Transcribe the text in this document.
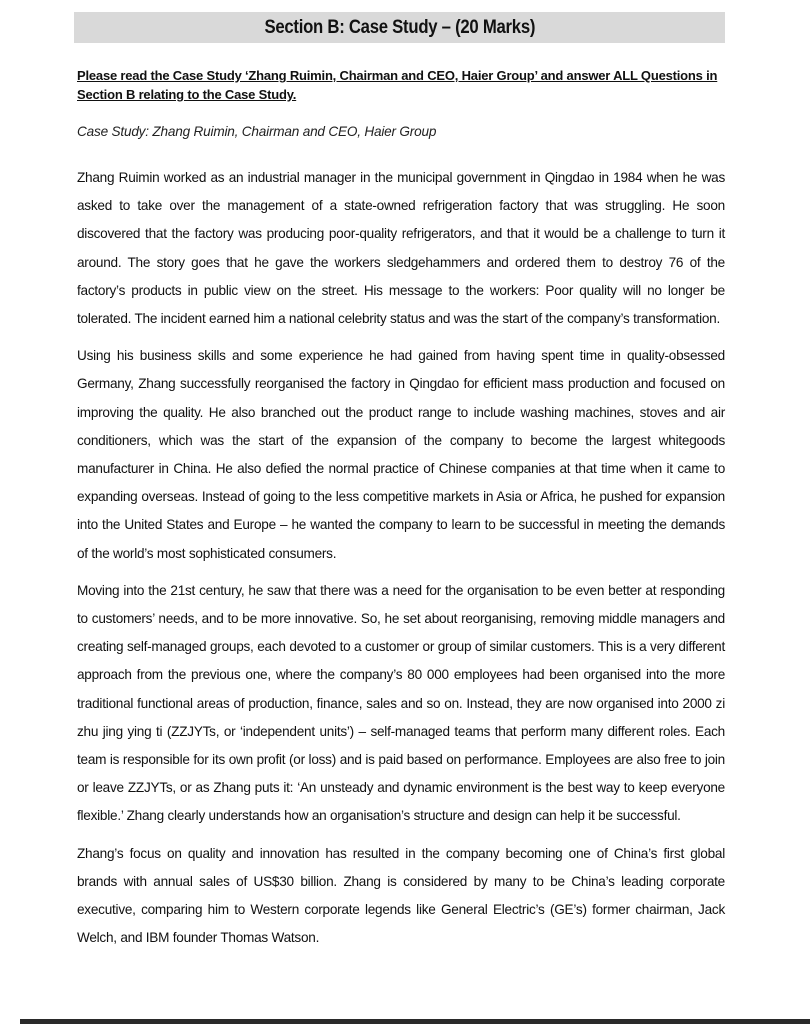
Section B: Case Study – (20 Marks)
Please read the Case Study ‘Zhang Ruimin, Chairman and CEO, Haier Group’ and answer ALL Questions in Section B relating to the Case Study.
Case Study: Zhang Ruimin, Chairman and CEO, Haier Group

Zhang Ruimin worked as an industrial manager in the municipal government in Qingdao in 1984 when he was asked to take over the management of a state-owned refrigeration factory that was struggling. He soon discovered that the factory was producing poor-quality refrigerators, and that it would be a challenge to turn it around. The story goes that he gave the workers sledgehammers and ordered them to destroy 76 of the factory’s products in public view on the street. His message to the workers: Poor quality will no longer be tolerated. The incident earned him a national celebrity status and was the start of the company’s transformation.

Using his business skills and some experience he had gained from having spent time in quality-obsessed Germany, Zhang successfully reorganised the factory in Qingdao for efficient mass production and focused on improving the quality. He also branched out the product range to include washing machines, stoves and air conditioners, which was the start of the expansion of the company to become the largest whitegoods manufacturer in China. He also defied the normal practice of Chinese companies at that time when it came to expanding overseas. Instead of going to the less competitive markets in Asia or Africa, he pushed for expansion into the United States and Europe – he wanted the company to learn to be successful in meeting the demands of the world’s most sophisticated consumers.

Moving into the 21st century, he saw that there was a need for the organisation to be even better at responding to customers’ needs, and to be more innovative. So, he set about reorganising, removing middle managers and creating self-managed groups, each devoted to a customer or group of similar customers. This is a very different approach from the previous one, where the company’s 80 000 employees had been organised into the more traditional functional areas of production, finance, sales and so on. Instead, they are now organised into 2000 zi zhu jing ying ti (ZZJYTs, or ‘independent units’) – self-managed teams that perform many different roles. Each team is responsible for its own profit (or loss) and is paid based on performance. Employees are also free to join or leave ZZJYTs, or as Zhang puts it: ‘An unsteady and dynamic environment is the best way to keep everyone flexible.’ Zhang clearly understands how an organisation’s structure and design can help it be successful.

Zhang’s focus on quality and innovation has resulted in the company becoming one of China’s first global brands with annual sales of US$30 billion. Zhang is considered by many to be China’s leading corporate executive, comparing him to Western corporate legends like General Electric’s (GE’s) former chairman, Jack Welch, and IBM founder Thomas Watson.
